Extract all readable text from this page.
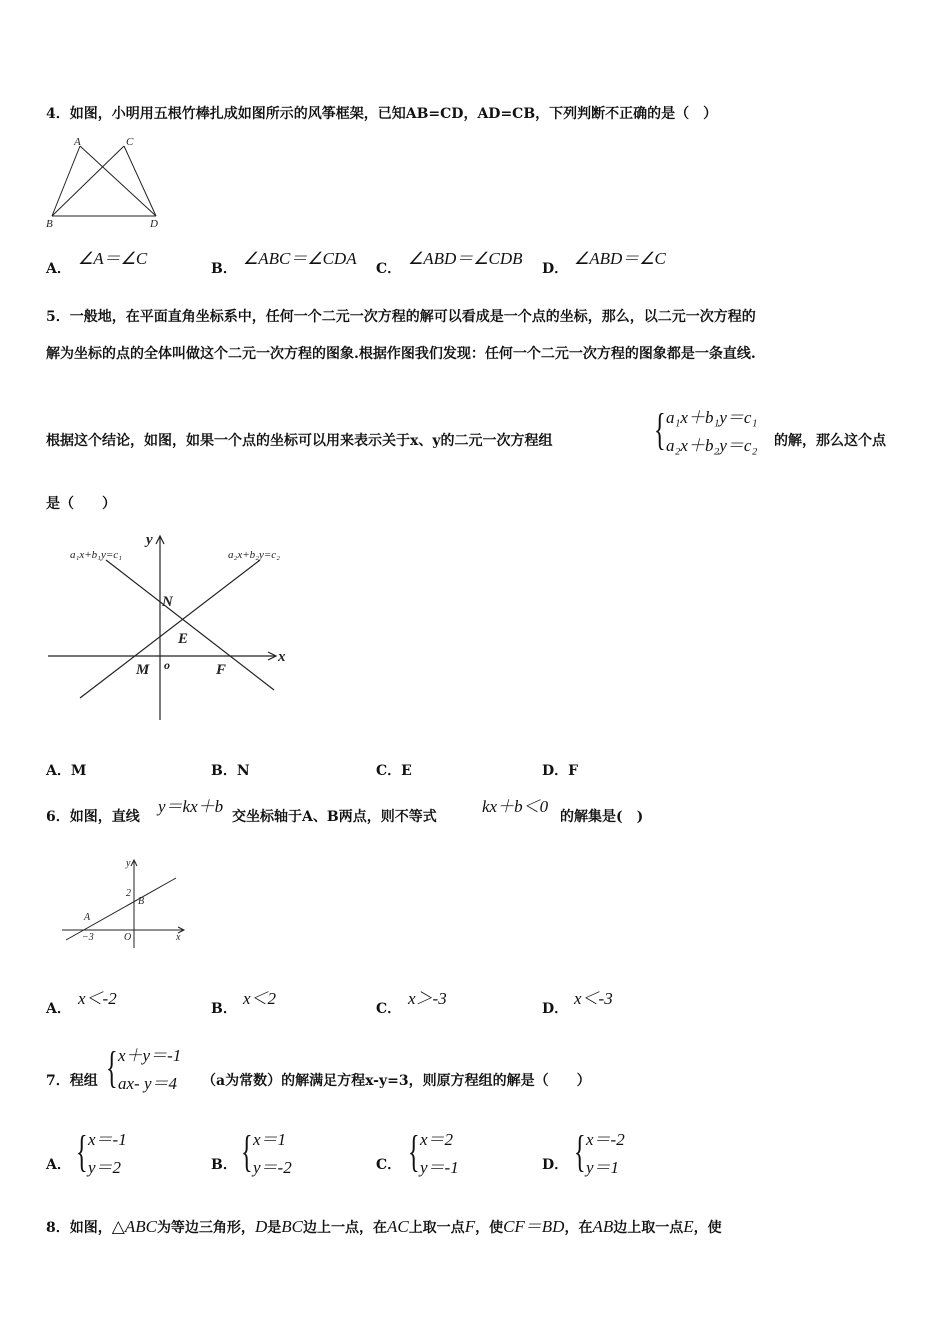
4．如图，小明用五根竹棒扎成如图所示的风筝框架，已知AB=CD，AD=CB，下列判断不正确的是（　）
A	C
B	D
A．
∠A＝∠C
B．
∠ABC＝∠CDA
C．
∠ABD＝∠CDB
D．
∠ABD＝∠C
5．一般地，在平面直角坐标系中，任何一个二元一次方程的解可以看成是一个点的坐标，那么，以二元一次方程的
解为坐标的点的全体叫做这个二元一次方程的图象.根据作图我们发现：任何一个二元一次方程的图象都是一条直线.
根据这个结论，如图，如果一个点的坐标可以用来表示关于x、y的二元一次方程组 { a₁x＋b₁y＝c₁
a₂x＋b₂y＝c₂ 的解，那么这个点
是（　　）
a₁x+b₁y=c₁	a₂x+b₂y=c₂
y
x
N
E
M o	F
A．M	B．N	C．E	D．F
6．如图，直线
y＝kx＋b
交坐标轴于A、B两点，则不等式
kx＋b＜0
的解集是(　)
y
x
A
B
O
2
−3
A．
x＜-2
B．
x＜2
C．
x＞-3
D．
x＜-3
7．程组 { x＋y＝-1
ax- y＝4 （a为常数）的解满足方程x-y=3，则原方程组的解是（　　）
A． { x＝-1
y＝2	B． { x＝1
y＝-2	C． { x＝2
y＝-1	D． { x＝-2
y＝1
8．如图，△ABC为等边三角形，D是BC边上一点，在AC上取一点F，使CF＝BD，在AB边上取一点E，使
